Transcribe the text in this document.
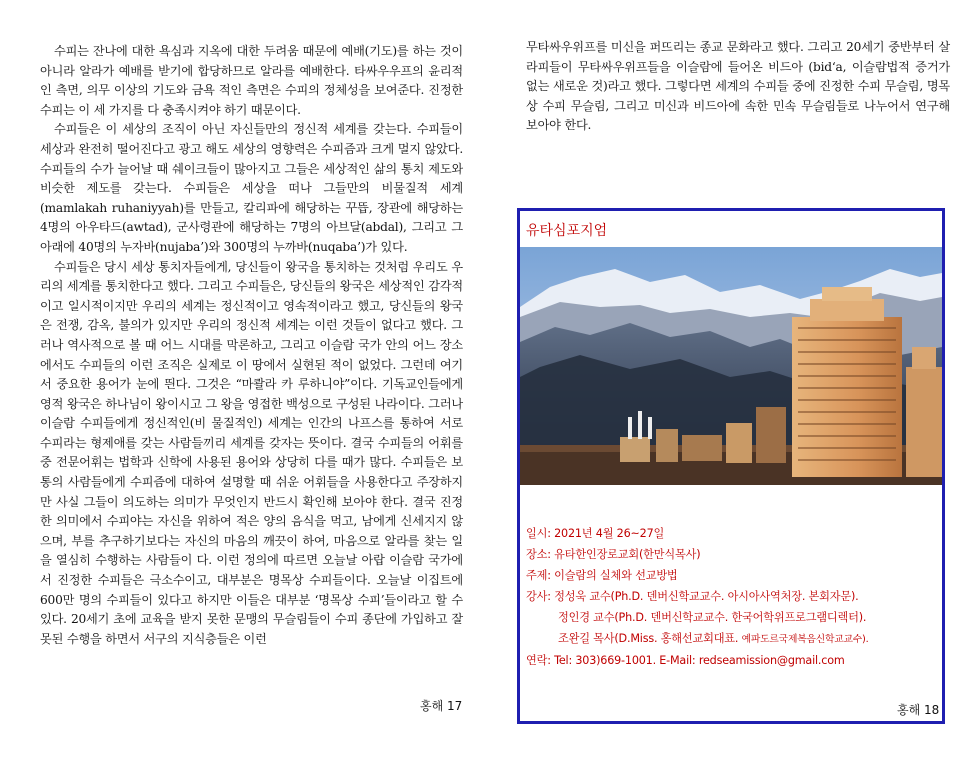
수피는 잔나에 대한 욕심과 지옥에 대한 두려움 때문에 예배(기도)를 하는 것이 아니라 알라가 예배를 받기에 합당하므로 알라를 예배한다. 타싸우우프의 윤리적인 측면, 의무 이상의 기도와 금욕 적인 측면은 수피의 정체성을 보여준다. 진정한 수피는 이 세 가지를 다 충족시켜야 하기 때문이다.

수피들은 이 세상의 조직이 아닌 자신들만의 정신적 세계를 갖는다. 수피들이 세상과 완전히 떨어진다고 광고 해도 세상의 영향력은 수피즘과 크게 멀지 않았다. 수피들의 수가 늘어날 때 쉐이크들이 많아지고 그들은 세상적인 삶의 통치 제도와 비슷한 제도를 갖는다. 수피들은 세상을 떠나 그들만의 비물질적 세계(mamlakah ruhaniyyah)를 만들고, 칼리파에 해당하는 꾸뜹, 장관에 해당하는 4명의 아우타드(awtad), 군사령관에 해당하는 7명의 아브달(abdal), 그리고 그 아래에 40명의 누자바(nujaba’)와 300명의 누까바(nuqaba’)가 있다.

수피들은 당시 세상 통치자들에게, 당신들이 왕국을 통치하는 것처럼 우리도 우리의 세계를 통치한다고 했다. 그리고 수피들은, 당신들의 왕국은 세상적인 감각적이고 일시적이지만 우리의 세계는 정신적이고 영속적이라고 했고, 당신들의 왕국은 전쟁, 감옥, 불의가 있지만 우리의 정신적 세계는 이런 것들이 없다고 했다. 그러나 역사적으로 볼 때 어느 시대를 막론하고, 그리고 이슬람 국가 안의 어느 장소에서도 수피들의 이런 조직은 실제로 이 땅에서 실현된 적이 없었다. 그런데 여기서 중요한 용어가 눈에 띈다. 그것은 “마콸라 카 루하니야”이다. 기독교인들에게 영적 왕국은 하나님이 왕이시고 그 왕을 영접한 백성으로 구성된 나라이다. 그러나 이슬람 수피들에게 정신적인(비 물질적인) 세계는 인간의 나프스를 통하여 서로 수피라는 형제애를 갖는 사람들끼리 세계를 갖자는 뜻이다. 결국 수피들의 어휘를 중 전문어휘는 법학과 신학에 사용된 용어와 상당히 다를 때가 많다. 수피들은 보통의 사람들에게 수피즘에 대하여 설명할 때 쉬운 어휘들을 사용한다고 주장하지만 사실 그들이 의도하는 의미가 무엇인지 반드시 확인해 보아야 한다. 결국 진정한 의미에서 수피야는 자신을 위하여 적은 양의 음식을 먹고, 남에게 신세지지 않으며, 부를 추구하기보다는 자신의 마음의 깨끗이 하여, 마음으로 알라를 찾는 일을 열심히 수행하는 사람들이 다. 이런 정의에 따르면 오늘날 아랍 이슬람 국가에서 진정한 수피들은 극소수이고, 대부분은 명목상 수피들이다. 오늘날 이집트에 600만 명의 수피들이 있다고 하지만 이들은 대부분 ‘명목상 수피’들이라고 할 수 있다. 20세기 초에 교육을 받지 못한 문맹의 무슬림들이 수피 종단에 가입하고 잘못된 수행을 하면서 서구의 지식층들은 이런

홍해 17

무타싸우위프를 미신을 퍼뜨리는 종교 문화라고 했다. 그리고 20세기 중반부터 살라피들이 무타싸우위프들을 이슬람에 들어온 비드아 (bid‘a, 이슬람법적 증거가 없는 새로운 것)라고 했다. 그렇다면 세계의 수피들 중에 진정한 수피 무슬림, 명목상 수피 무슬림, 그리고 미신과 비드아에 속한 민속 무슬림들로 나누어서 연구해 보아야 한다.

유타심포지엄
일시: 2021년 4월 26~27일
장소: 유타한인장로교회(한만식목사)
주제: 이슬람의 실체와 선교방법
강사: 정성욱 교수(Ph.D. 덴버신학교교수. 아시아사역처장. 본회자문).
정인경 교수(Ph.D. 덴버신학교교수. 한국어학위프로그램디렉터).
조완길 목사(D.Miss. 홍해선교회대표. 예파도르국제복음신학교교수).
연락: Tel: 303)669-1001. E-Mail: redseamission@gmail.com
홍해 18
